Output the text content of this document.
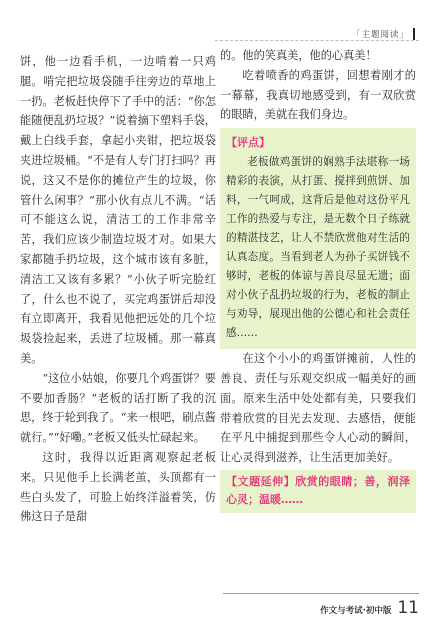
「主题阅读」

饼，他一边看手机，一边啃着一只鸡腿。啃完把垃圾袋随手往旁边的草地上一扔。老板赶快停下了手中的活：“你怎能随便乱扔垃圾？”说着摘下塑料手袋，戴上白线手套，拿起小夹钳，把垃圾袋夹进垃圾桶。“不是有人专门打扫吗？再说，这又不是你的摊位产生的垃圾，你管什么闲事？”那小伙有点儿不满。“话可不能这么说，清洁工的工作非常辛苦，我们应该少制造垃圾才对。如果大家都随手扔垃圾，这个城市该有多脏，清洁工又该有多累？”小伙子听完脸红了，什么也不说了，买完鸡蛋饼后却没有立即离开，我看见他把远处的几个垃圾袋捡起来，丢进了垃圾桶。那一幕真美。

“这位小姑娘，你要几个鸡蛋饼？要不要加香肠？”老板的话打断了我的沉思，终于轮到我了。“来一根吧，刷点酱就行。”“好嘞。”老板又低头忙碌起来。

这时，我得以近距离观察起老板来。只见他手上长满老茧，头顶都有一些白头发了，可脸上始终洋溢着笑，仿佛这日子是甜

的。他的笑真美，他的心真美！

吃着喷香的鸡蛋饼，回想着刚才的一幕幕，我真切地感受到，有一双欣赏的眼睛，美就在我们身边。

【评点】

老板做鸡蛋饼的娴熟手法堪称一场精彩的表演，从打蛋、搅拌到煎饼、加料，一气呵成，这背后是他对这份平凡工作的热爱与专注，是无数个日子练就的精湛技艺，让人不禁欣赏他对生活的认真态度。当看到老人为孙子买饼钱不够时，老板的体谅与善良尽显无遗；面对小伙子乱扔垃圾的行为，老板的制止与劝导，展现出他的公德心和社会责任感……

在这个小小的鸡蛋饼摊前，人性的善良、责任与乐观交织成一幅美好的画面。原来生活中处处都有美，只要我们带着欣赏的目光去发现、去感悟，便能在平凡中捕捉到那些令人心动的瞬间，让心灵得到滋养，让生活更加美好。

【文题延伸】欣赏的眼睛；善，润泽心灵；温暖……
作文与考试·初中版 11
